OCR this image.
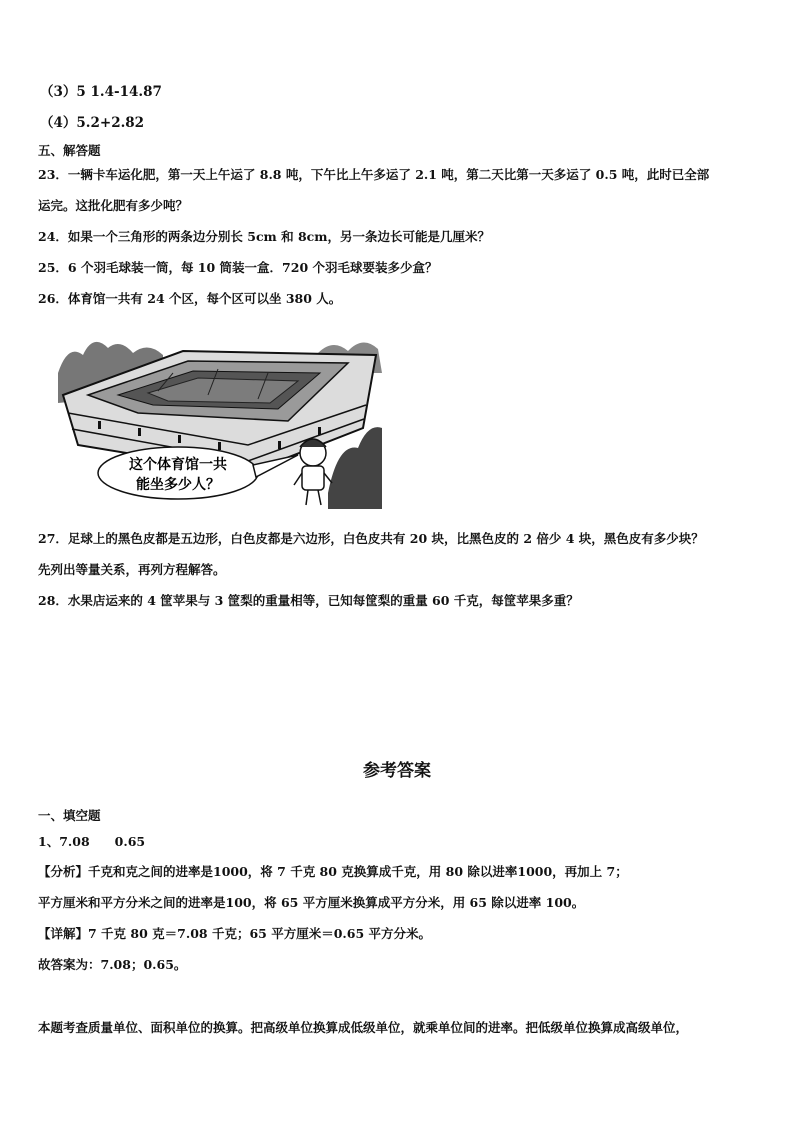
（3）5 1.4-14.87
（4）5.2+2.82
五、解答题
23．一辆卡车运化肥，第一天上午运了 8.8 吨，下午比上午多运了 2.1 吨，第二天比第一天多运了 0.5 吨，此时已全部
运完。这批化肥有多少吨？
24．如果一个三角形的两条边分别长 5cm 和 8cm，另一条边长可能是几厘米？
25．6 个羽毛球装一筒，每 10 筒装一盒．720 个羽毛球要装多少盒？
26．体育馆一共有 24 个区，每个区可以坐 380 人。
这个体育馆一共
能坐多少人？
27．足球上的黑色皮都是五边形，白色皮都是六边形，白色皮共有 20 块，比黑色皮的 2 倍少 4 块，黑色皮有多少块？
先列出等量关系，再列方程解答。
28．水果店运来的 4 筐苹果与 3 筐梨的重量相等，已知每筐梨的重量 60 千克，每筐苹果多重？
参考答案
一、填空题
1、7.08　　0.65
【分析】千克和克之间的进率是1000，将 7 千克 80 克换算成千克，用 80 除以进率1000，再加上 7；
平方厘米和平方分米之间的进率是100，将 65 平方厘米换算成平方分米，用 65 除以进率 100。
【详解】7 千克 80 克＝7.08 千克；65 平方厘米＝0.65 平方分米。
故答案为：7.08；0.65。
本题考查质量单位、面积单位的换算。把高级单位换算成低级单位，就乘单位间的进率。把低级单位换算成高级单位，
